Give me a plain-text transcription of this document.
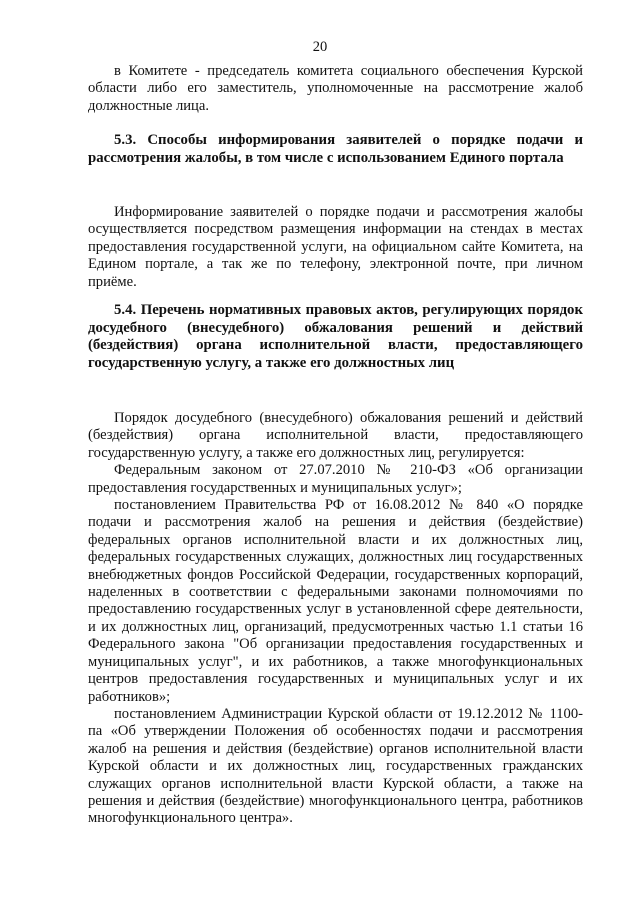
20

в Комитете - председатель комитета социального обеспечения Курской области либо его заместитель, уполномоченные на рассмотрение жалоб должностные лица.

5.3. Способы информирования заявителей о порядке подачи и рассмотрения жалобы, в том числе с использованием Единого портала

Информирование заявителей о порядке подачи и рассмотрения жалобы осуществляется посредством размещения информации на стендах в местах предоставления государственной услуги, на официальном сайте Комитета, на Едином портале, а так же по телефону, электронной почте, при личном приёме.

5.4. Перечень нормативных правовых актов, регулирующих порядок досудебного (внесудебного) обжалования решений и действий (бездействия) органа исполнительной власти, предоставляющего государственную услугу, а также его должностных лиц

Порядок досудебного (внесудебного) обжалования решений и действий (бездействия) органа исполнительной власти, предоставляющего государственную услугу, а также его должностных лиц, регулируется:

Федеральным законом от 27.07.2010 № 210-ФЗ «Об организации предоставления государственных и муниципальных услуг»;

постановлением Правительства РФ от 16.08.2012 № 840 «О порядке подачи и рассмотрения жалоб на решения и действия (бездействие) федеральных органов исполнительной власти и их должностных лиц, федеральных государственных служащих, должностных лиц государственных внебюджетных фондов Российской Федерации, государственных корпораций, наделенных в соответствии с федеральными законами полномочиями по предоставлению государственных услуг в установленной сфере деятельности, и их должностных лиц, организаций, предусмотренных частью 1.1 статьи 16 Федерального закона "Об организации предоставления государственных и муниципальных услуг", и их работников, а также многофункциональных центров предоставления государственных и муниципальных услуг и их работников»;

постановлением Администрации Курской области от 19.12.2012 № 1100-па «Об утверждении Положения об особенностях подачи и рассмотрения жалоб на решения и действия (бездействие) органов исполнительной власти Курской области и их должностных лиц, государственных гражданских служащих органов исполнительной власти Курской области, а также на решения и действия (бездействие) многофункционального центра, работников многофункционального центра».
